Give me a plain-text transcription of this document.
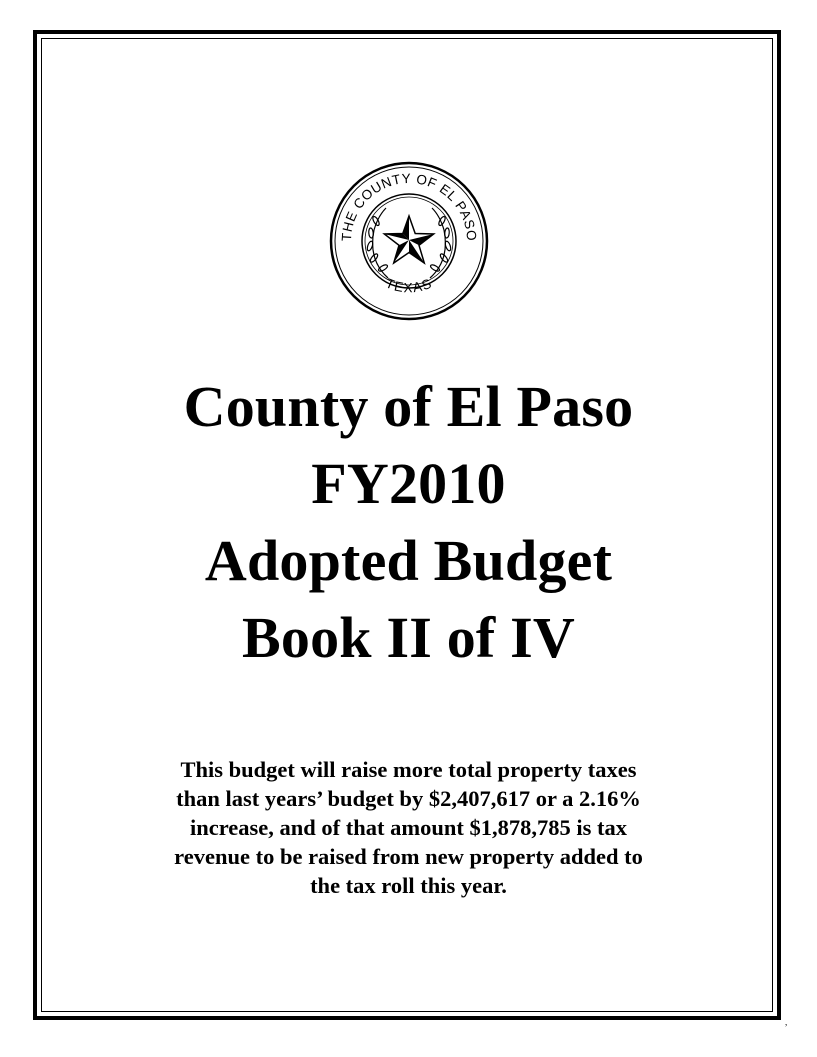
THE COUNTY OF EL PASO
TEXAS
County of El Paso
FY2010
Adopted Budget
Book II of IV
This budget will raise more total property taxes
than last years’ budget by $2,407,617 or a 2.16%
increase, and of that amount $1,878,785 is tax
revenue to be raised from new property added to
the tax roll this year.
,
